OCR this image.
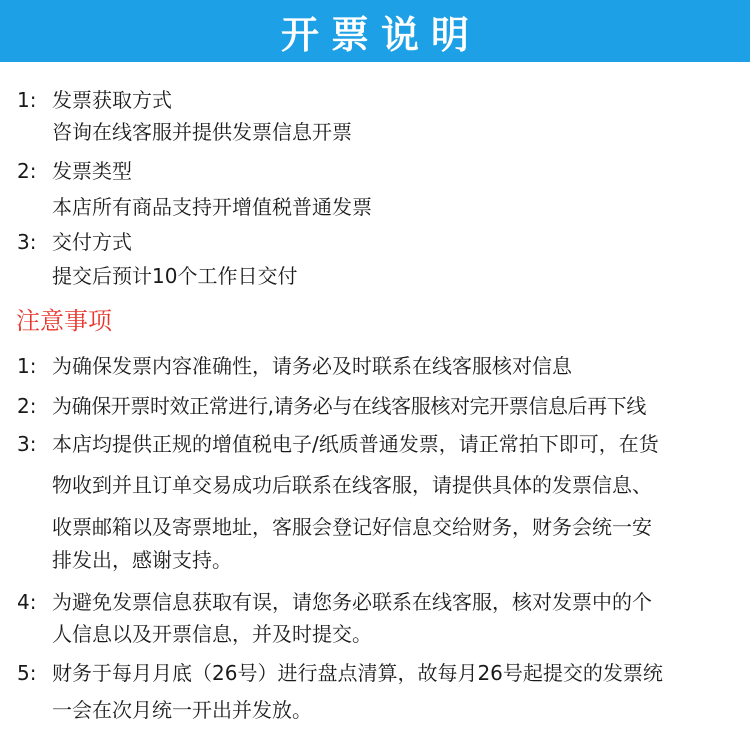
开票说明
1: 发票获取方式
咨询在线客服并提供发票信息开票
2: 发票类型
本店所有商品支持开增值税普通发票
3: 交付方式
提交后预计10个工作日交付
注意事项
1: 为确保发票内容准确性，请务必及时联系在线客服核对信息
2: 为确保开票时效正常进行,请务必与在线客服核对完开票信息后再下线
3: 本店均提供正规的增值税电子/纸质普通发票，请正常拍下即可，在货
物收到并且订单交易成功后联系在线客服，请提供具体的发票信息、
收票邮箱以及寄票地址，客服会登记好信息交给财务，财务会统一安
排发出，感谢支持。
4: 为避免发票信息获取有误，请您务必联系在线客服，核对发票中的个
人信息以及开票信息，并及时提交。
5: 财务于每月月底（26号）进行盘点清算，故每月26号起提交的发票统
一会在次月统一开出并发放。
